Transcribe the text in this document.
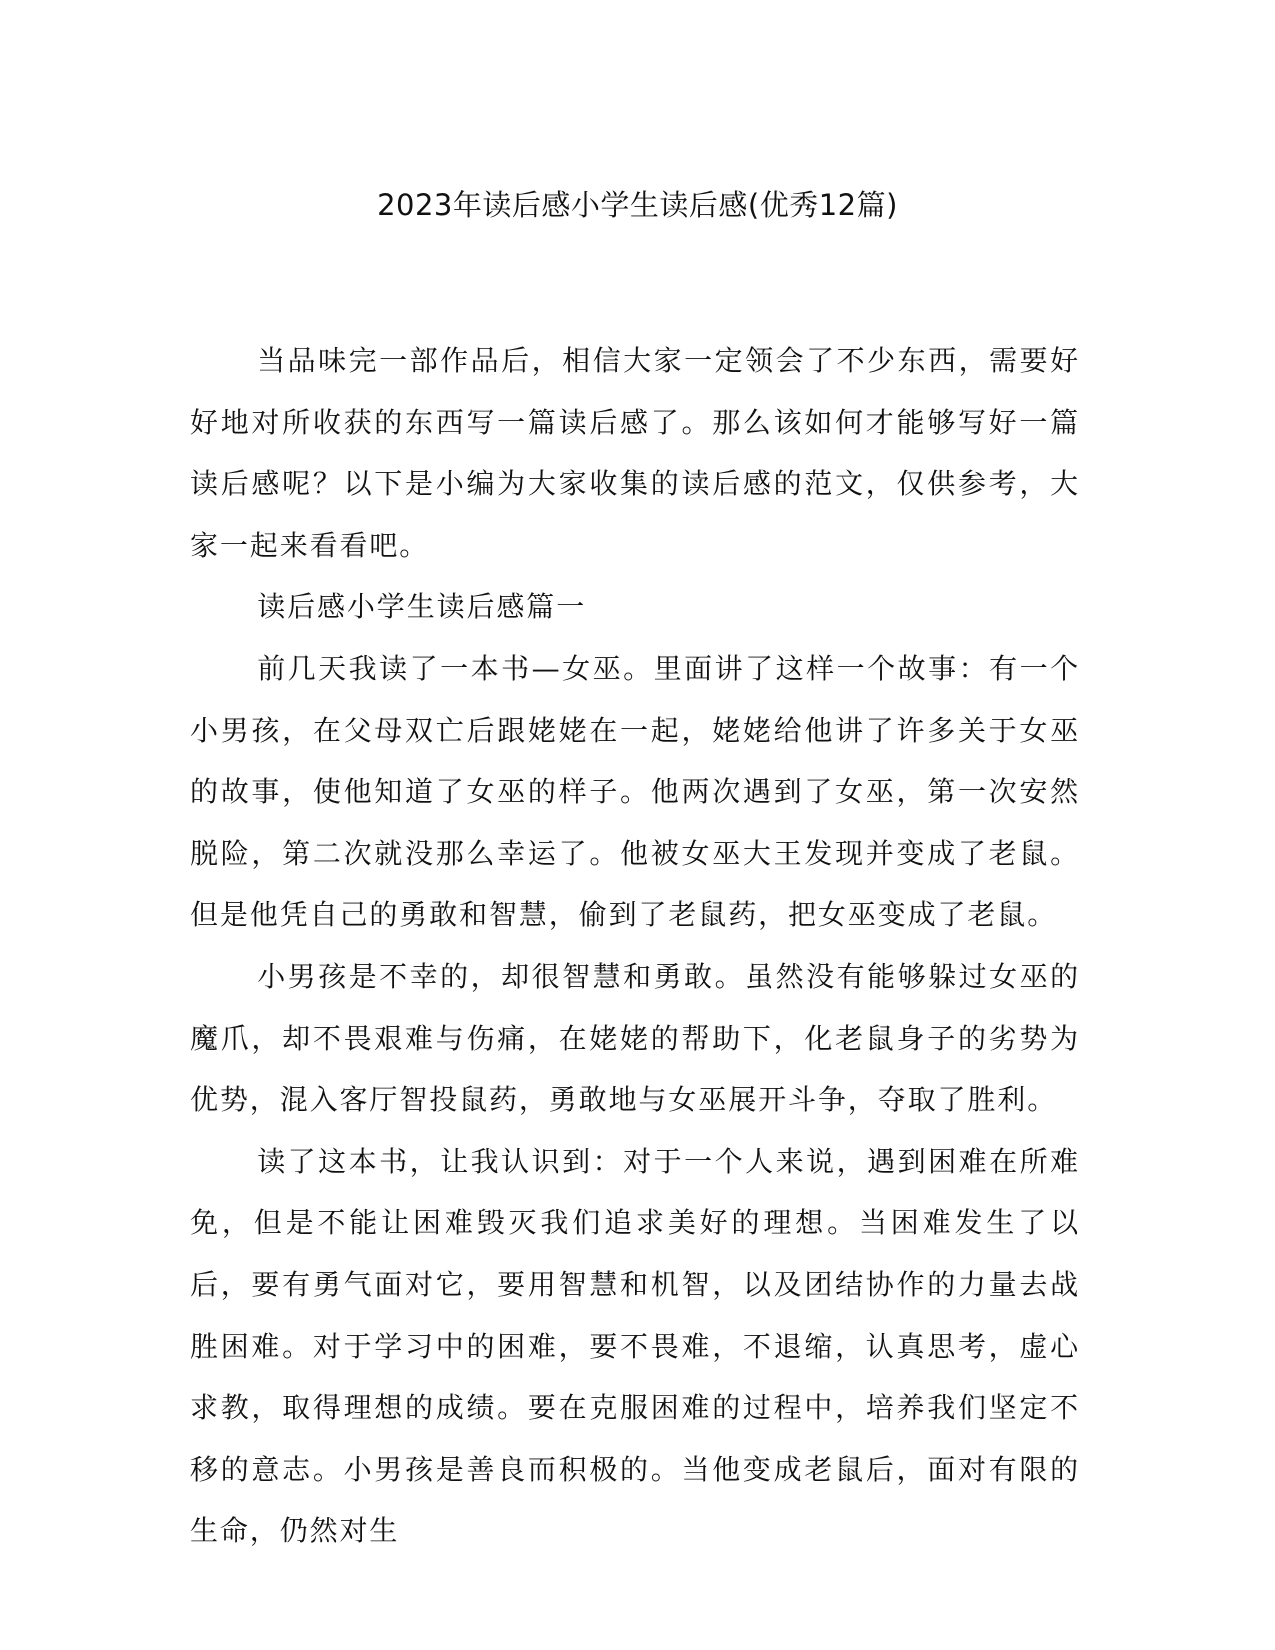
2023年读后感小学生读后感(优秀12篇)

当品味完一部作品后，相信大家一定领会了不少东西，需要好好地对所收获的东西写一篇读后感了。那么该如何才能够写好一篇读后感呢？以下是小编为大家收集的读后感的范文，仅供参考，大家一起来看看吧。

读后感小学生读后感篇一

前几天我读了一本书—女巫。里面讲了这样一个故事：有一个小男孩，在父母双亡后跟姥姥在一起，姥姥给他讲了许多关于女巫的故事，使他知道了女巫的样子。他两次遇到了女巫，第一次安然脱险，第二次就没那么幸运了。他被女巫大王发现并变成了老鼠。但是他凭自己的勇敢和智慧，偷到了老鼠药，把女巫变成了老鼠。

小男孩是不幸的，却很智慧和勇敢。虽然没有能够躲过女巫的魔爪，却不畏艰难与伤痛，在姥姥的帮助下，化老鼠身子的劣势为优势，混入客厅智投鼠药，勇敢地与女巫展开斗争，夺取了胜利。

读了这本书，让我认识到：对于一个人来说，遇到困难在所难免，但是不能让困难毁灭我们追求美好的理想。当困难发生了以后，要有勇气面对它，要用智慧和机智，以及团结协作的力量去战胜困难。对于学习中的困难，要不畏难，不退缩，认真思考，虚心求教，取得理想的成绩。要在克服困难的过程中，培养我们坚定不移的意志。小男孩是善良而积极的。当他变成老鼠后，面对有限的生命，仍然对生
